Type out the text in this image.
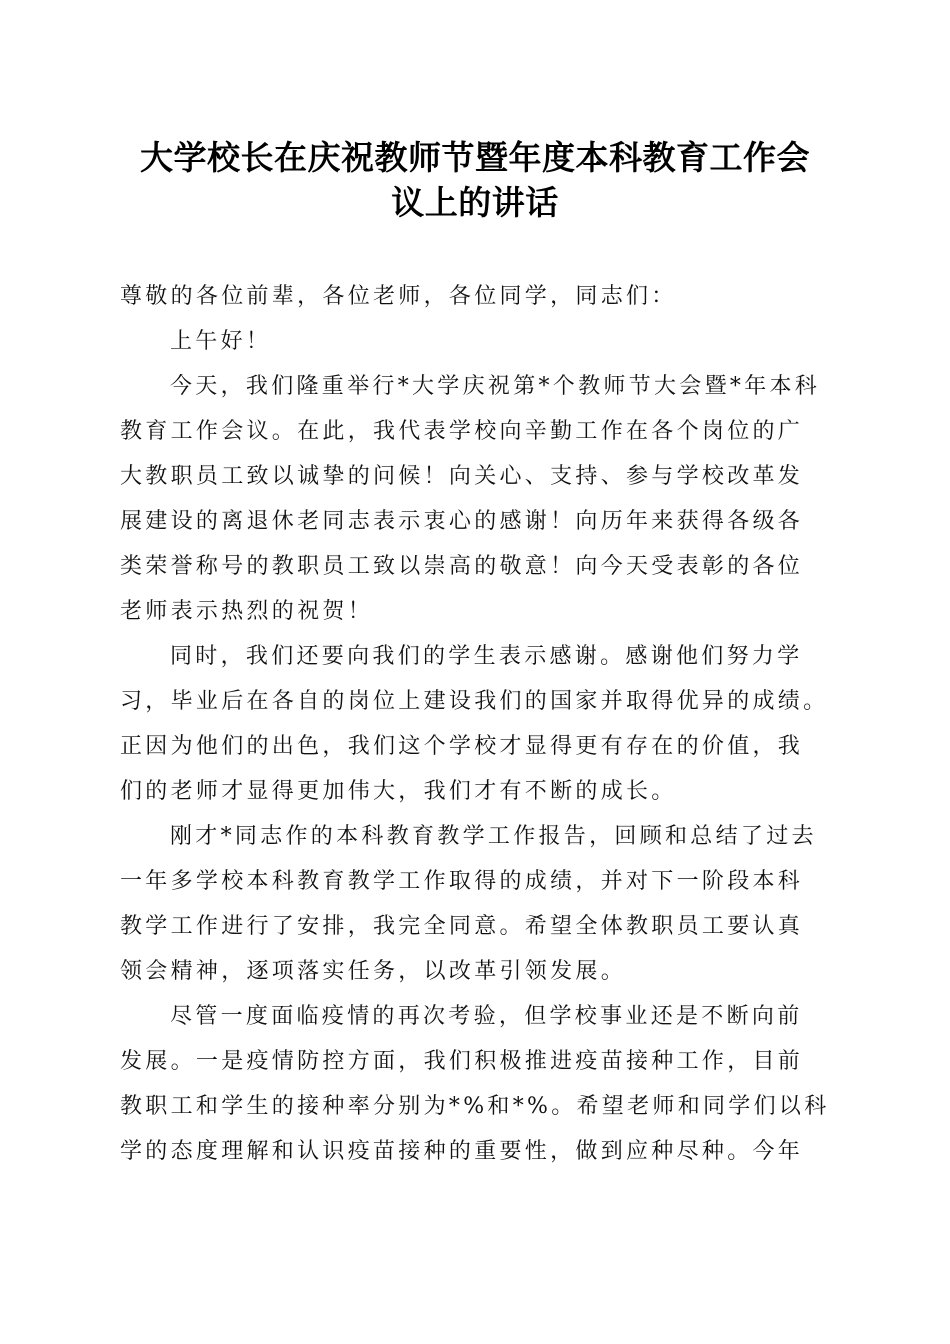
大学校长在庆祝教师节暨年度本科教育工作会
议上的讲话
尊敬的各位前辈，各位老师，各位同学，同志们：
上午好！
今天，我们隆重举行*大学庆祝第*个教师节大会暨*年本科
教育工作会议。在此，我代表学校向辛勤工作在各个岗位的广
大教职员工致以诚挚的问候！向关心、支持、参与学校改革发
展建设的离退休老同志表示衷心的感谢！向历年来获得各级各
类荣誉称号的教职员工致以崇高的敬意！向今天受表彰的各位
老师表示热烈的祝贺！
同时，我们还要向我们的学生表示感谢。感谢他们努力学
习，毕业后在各自的岗位上建设我们的国家并取得优异的成绩。
正因为他们的出色，我们这个学校才显得更有存在的价值，我
们的老师才显得更加伟大，我们才有不断的成长。
刚才*同志作的本科教育教学工作报告，回顾和总结了过去
一年多学校本科教育教学工作取得的成绩，并对下一阶段本科
教学工作进行了安排，我完全同意。希望全体教职员工要认真
领会精神，逐项落实任务，以改革引领发展。
尽管一度面临疫情的再次考验，但学校事业还是不断向前
发展。一是疫情防控方面，我们积极推进疫苗接种工作，目前
教职工和学生的接种率分别为*%和*%。希望老师和同学们以科
学的态度理解和认识疫苗接种的重要性，做到应种尽种。今年
